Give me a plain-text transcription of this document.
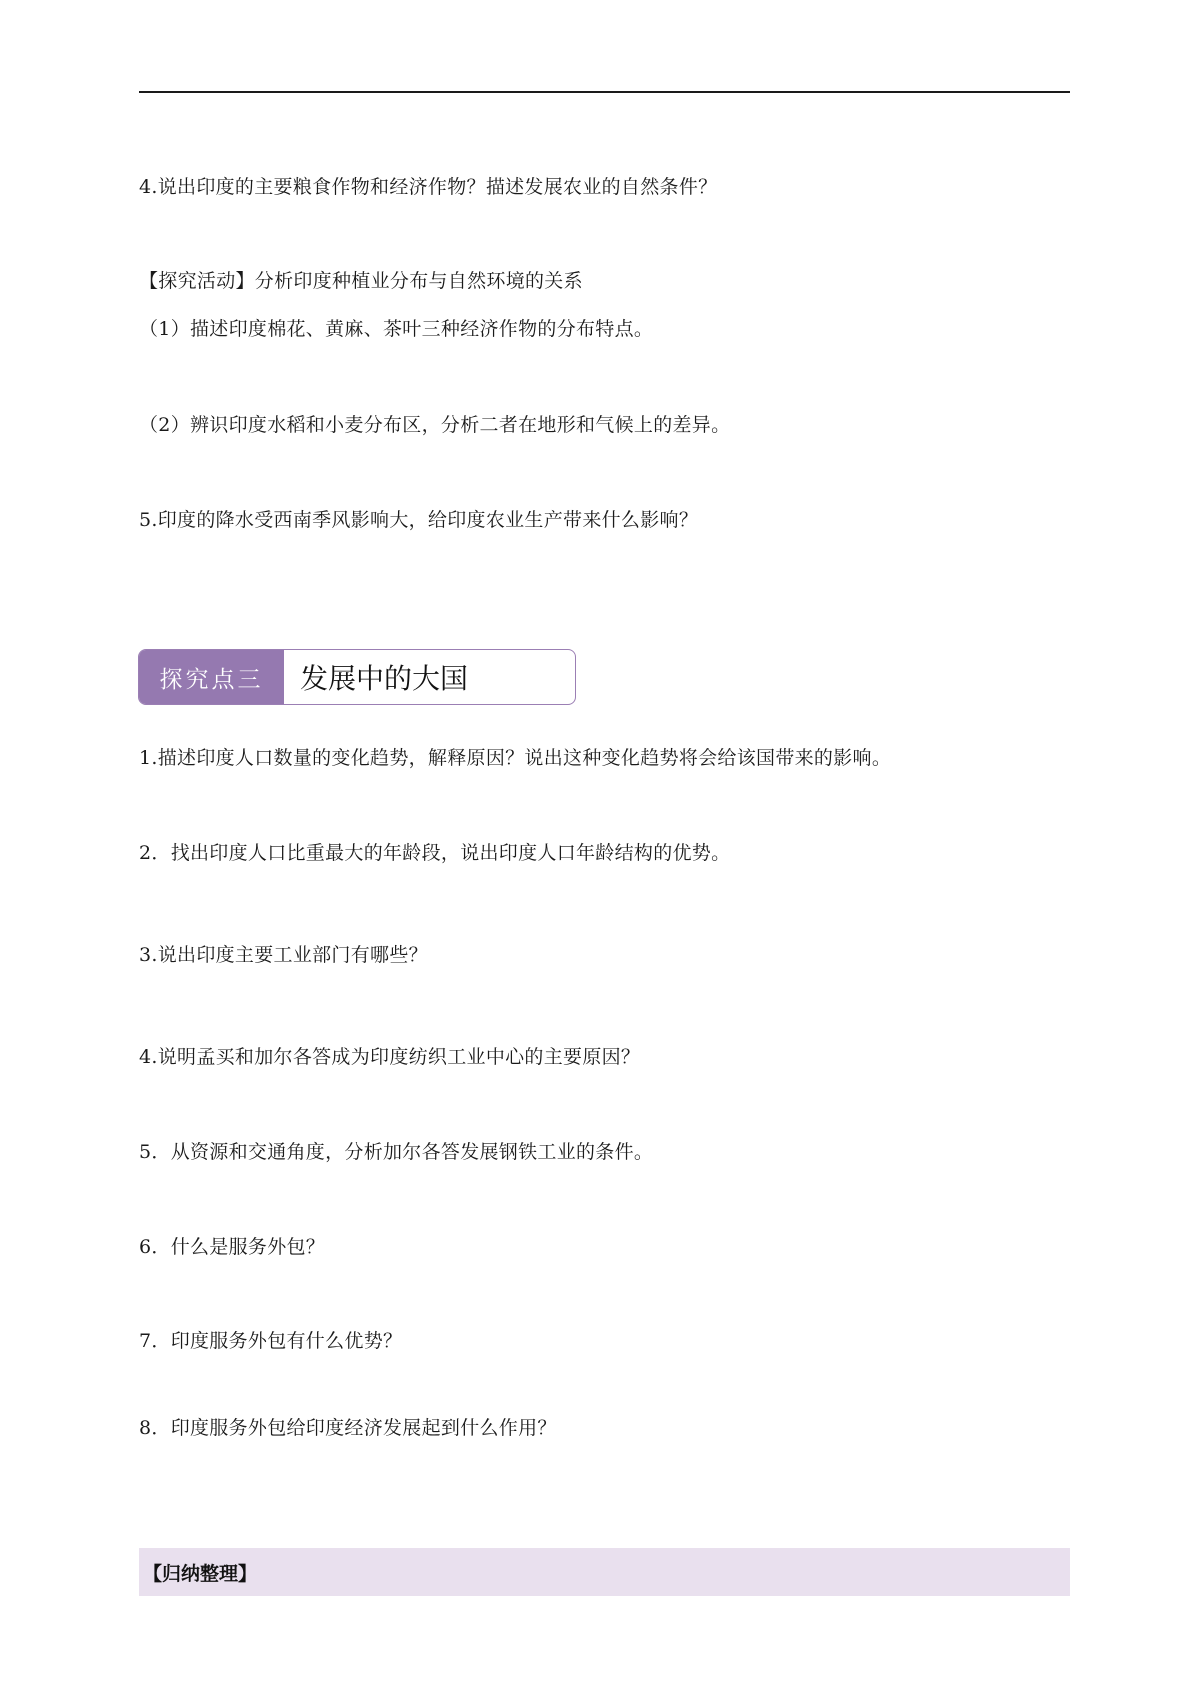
4.说出印度的主要粮食作物和经济作物？描述发展农业的自然条件？
【探究活动】分析印度种植业分布与自然环境的关系
（1）描述印度棉花、黄麻、茶叶三种经济作物的分布特点。
（2）辨识印度水稻和小麦分布区，分析二者在地形和气候上的差异。
5.印度的降水受西南季风影响大，给印度农业生产带来什么影响？
探究点三	发展中的大国
1.描述印度人口数量的变化趋势，解释原因？说出这种变化趋势将会给该国带来的影响。
2．找出印度人口比重最大的年龄段，说出印度人口年龄结构的优势。
3.说出印度主要工业部门有哪些？
4.说明孟买和加尔各答成为印度纺织工业中心的主要原因？
5．从资源和交通角度，分析加尔各答发展钢铁工业的条件。
6．什么是服务外包？
7．印度服务外包有什么优势？
8．印度服务外包给印度经济发展起到什么作用？
【归纳整理】
